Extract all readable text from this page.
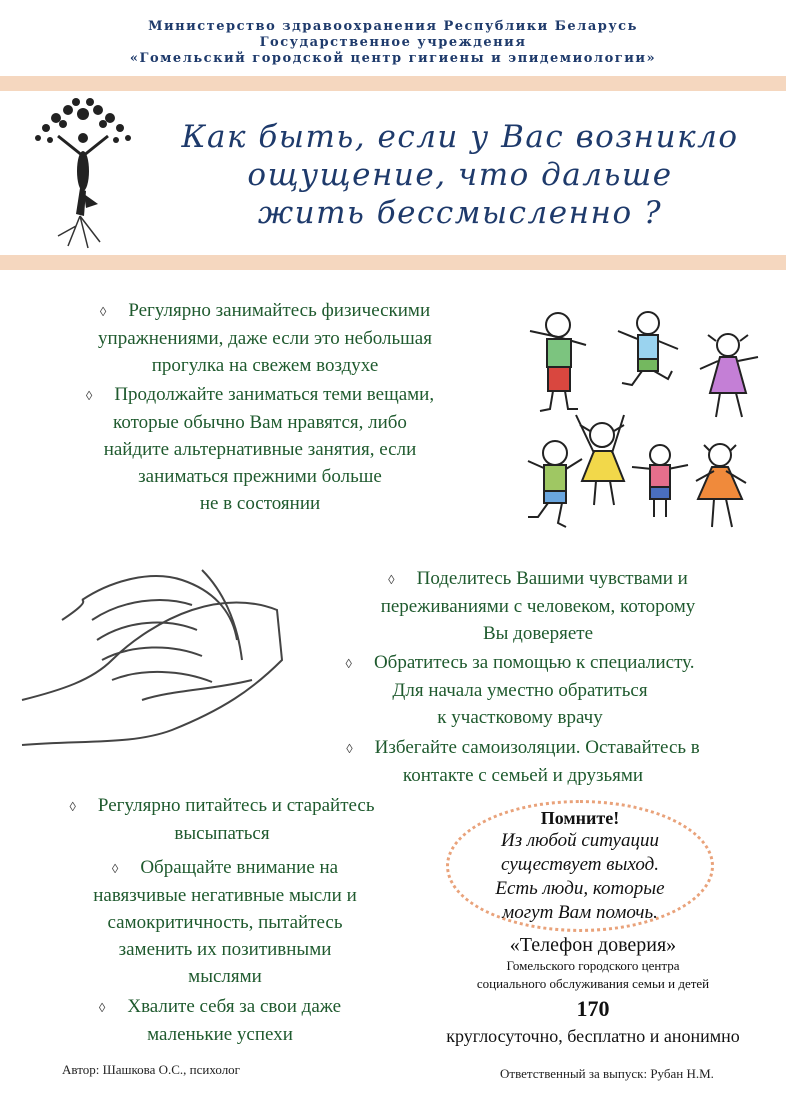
Министерство здравоохранения Республики Беларусь
Государственное учреждения
«Гомельский городской центр гигиены и эпидемиологии»
Как быть, если у Вас возникло
ощущение, что дальше
жить бессмысленно ?
◊ Регулярно занимайтесь физическими
упражнениями, даже если это небольшая
прогулка на свежем воздухе
◊ Продолжайте заниматься теми вещами,
которые обычно Вам нравятся, либо
найдите альтернативные занятия, если
заниматься прежними больше
не в состоянии
◊ Поделитесь Вашими чувствами и
переживаниями с человеком, которому
Вы доверяете
◊ Обратитесь за помощью к специалисту.
Для начала уместно обратиться
к участковому врачу
◊ Избегайте самоизоляции. Оставайтесь в
контакте с семьей и друзьями
◊ Регулярно питайтесь и старайтесь
высыпаться
◊ Обращайте внимание на
навязчивые негативные мысли и
самокритичность, пытайтесь
заменить их позитивными
мыслями
◊ Хвалите себя за свои даже
маленькие успехи
Помните!
Из любой ситуации
существует выход.
Есть люди, которые
могут Вам помочь.
«Телефон доверия»
Гомельского городского центра
социального обслуживания семьи и детей
170
круглосуточно, бесплатно и анонимно
Автор: Шашкова О.С., психолог	Ответственный за выпуск: Рубан Н.М.
